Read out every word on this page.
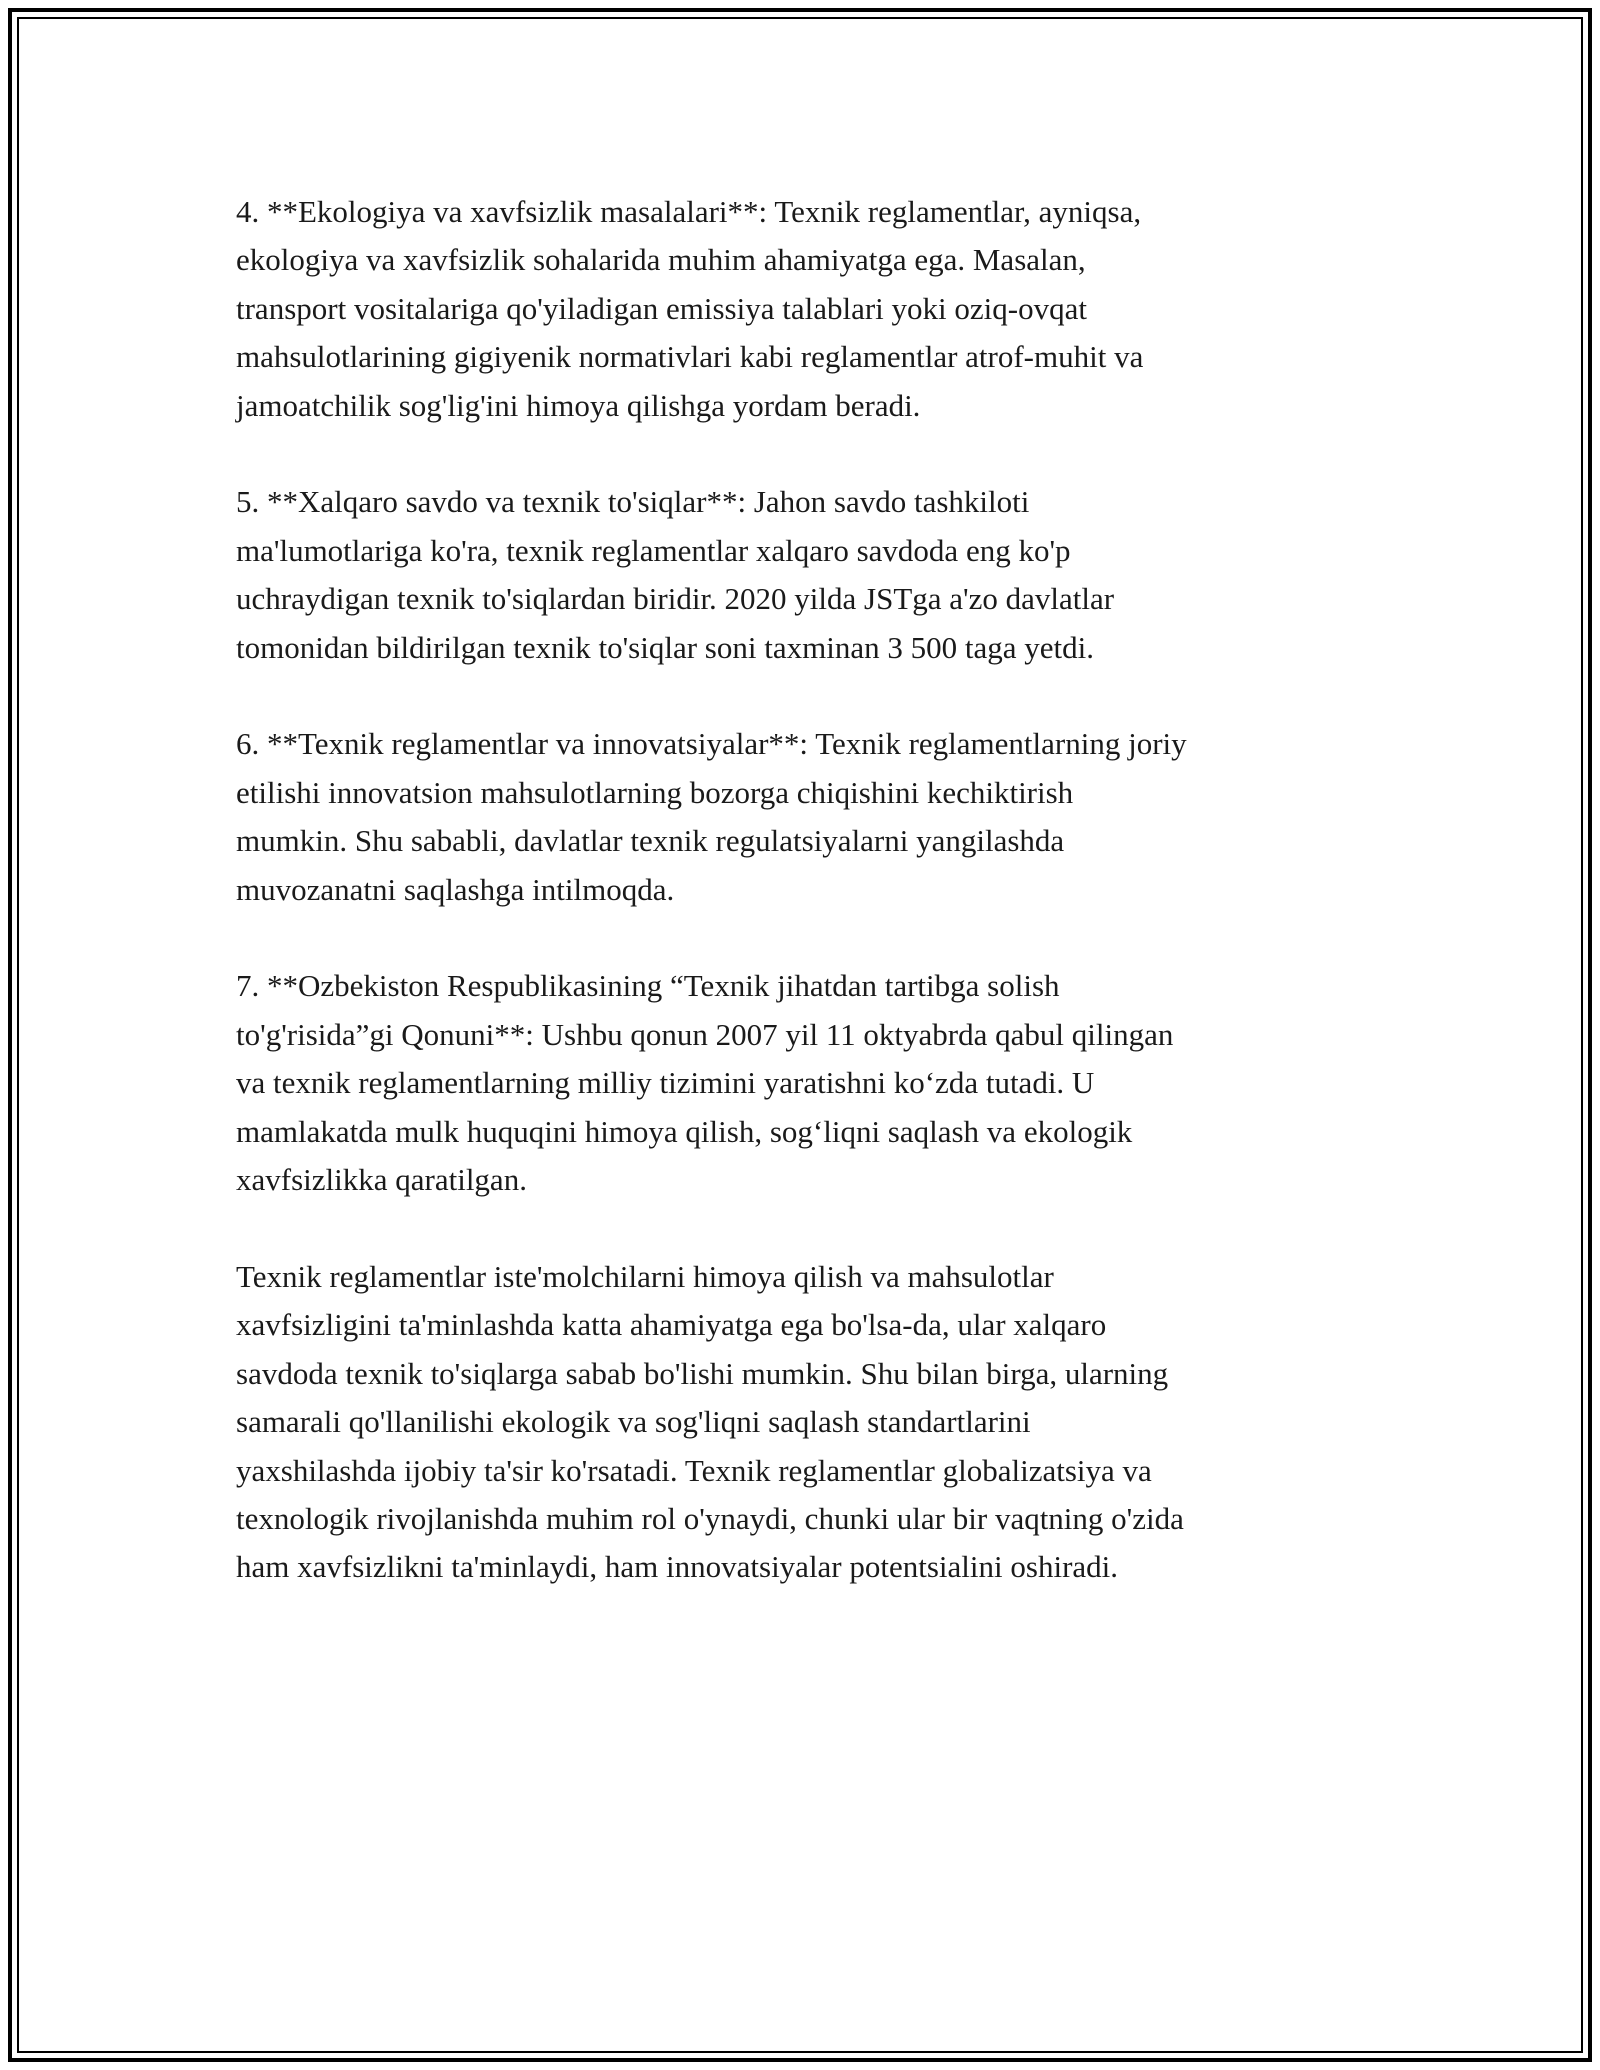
4. **Ekologiya va xavfsizlik masalalari**: Texnik reglamentlar, ayniqsa,
ekologiya va xavfsizlik sohalarida muhim ahamiyatga ega. Masalan,
transport vositalariga qo'yiladigan emissiya talablari yoki oziq-ovqat
mahsulotlarining gigiyenik normativlari kabi reglamentlar atrof-muhit va
jamoatchilik sog'lig'ini himoya qilishga yordam beradi.

5. **Xalqaro savdo va texnik to'siqlar**: Jahon savdo tashkiloti
ma'lumotlariga ko'ra, texnik reglamentlar xalqaro savdoda eng ko'p
uchraydigan texnik to'siqlardan biridir. 2020 yilda JSTga a'zo davlatlar
tomonidan bildirilgan texnik to'siqlar soni taxminan 3 500 taga yetdi.

6. **Texnik reglamentlar va innovatsiyalar**: Texnik reglamentlarning joriy
etilishi innovatsion mahsulotlarning bozorga chiqishini kechiktirish
mumkin. Shu sababli, davlatlar texnik regulatsiyalarni yangilashda
muvozanatni saqlashga intilmoqda.

7. **Ozbekiston Respublikasining “Texnik jihatdan tartibga solish
to'g'risida”gi Qonuni**: Ushbu qonun 2007 yil 11 oktyabrda qabul qilingan
va texnik reglamentlarning milliy tizimini yaratishni ko‘zda tutadi. U
mamlakatda mulk huquqini himoya qilish, sog‘liqni saqlash va ekologik
xavfsizlikka qaratilgan.

Texnik reglamentlar iste'molchilarni himoya qilish va mahsulotlar
xavfsizligini ta'minlashda katta ahamiyatga ega bo'lsa-da, ular xalqaro
savdoda texnik to'siqlarga sabab bo'lishi mumkin. Shu bilan birga, ularning
samarali qo'llanilishi ekologik va sog'liqni saqlash standartlarini
yaxshilashda ijobiy ta'sir ko'rsatadi. Texnik reglamentlar globalizatsiya va
texnologik rivojlanishda muhim rol o'ynaydi, chunki ular bir vaqtning o'zida
ham xavfsizlikni ta'minlaydi, ham innovatsiyalar potentsialini oshiradi.
